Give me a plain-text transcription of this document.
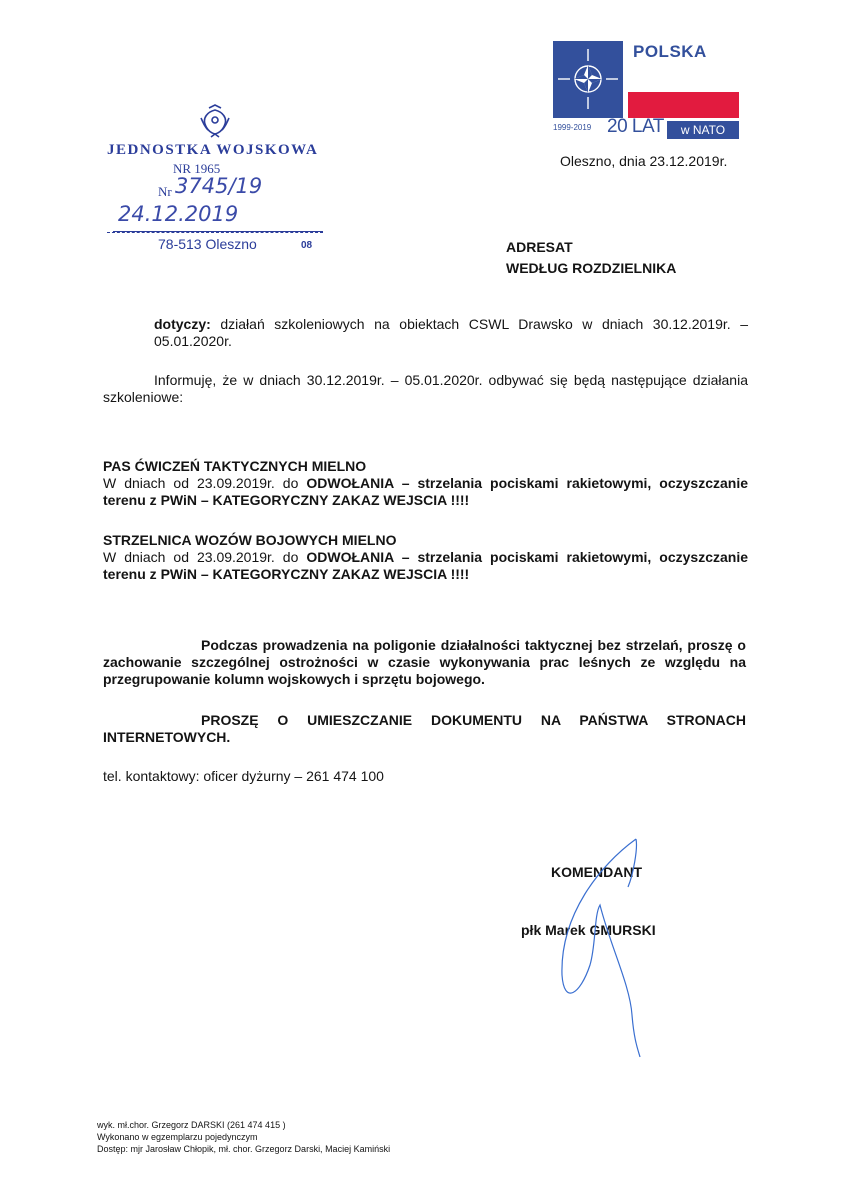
JEDNOSTKA WOJSKOWA
NR 1965
Nr 3745/19
24.12.2019
78-513 Oleszno	08
POLSKA
1999-2019 20 LAT	w NATO
Oleszno, dnia 23.12.2019r.
ADRESAT
WEDŁUG ROZDZIELNIKA
dotyczy: działań szkoleniowych na obiektach CSWL Drawsko w dniach 30.12.2019r. – 05.01.2020r.
Informuję, że w dniach 30.12.2019r. – 05.01.2020r. odbywać się będą następujące działania szkoleniowe:
PAS ĆWICZEŃ TAKTYCZNYCH MIELNO
W dniach od 23.09.2019r. do ODWOŁANIA – strzelania pociskami rakietowymi, oczyszczanie terenu z PWiN – KATEGORYCZNY ZAKAZ WEJSCIA !!!!
STRZELNICA WOZÓW BOJOWYCH MIELNO
W dniach od 23.09.2019r. do ODWOŁANIA – strzelania pociskami rakietowymi, oczyszczanie terenu z PWiN – KATEGORYCZNY ZAKAZ WEJSCIA !!!!
Podczas prowadzenia na poligonie działalności taktycznej bez strzelań, proszę o zachowanie szczególnej ostrożności w czasie wykonywania prac leśnych ze względu na przegrupowanie kolumn wojskowych i sprzętu bojowego.
PROSZĘ O UMIESZCZANIE DOKUMENTU NA PAŃSTWA STRONACH INTERNETOWYCH.
tel. kontaktowy: oficer dyżurny – 261 474 100
KOMENDANT
płk Marek GMURSKI
wyk. mł.chor. Grzegorz DARSKI (261 474 415 )
Wykonano w egzemplarzu pojedynczym
Dostęp: mjr Jarosław Chłopik, mł. chor. Grzegorz Darski, Maciej Kamiński
